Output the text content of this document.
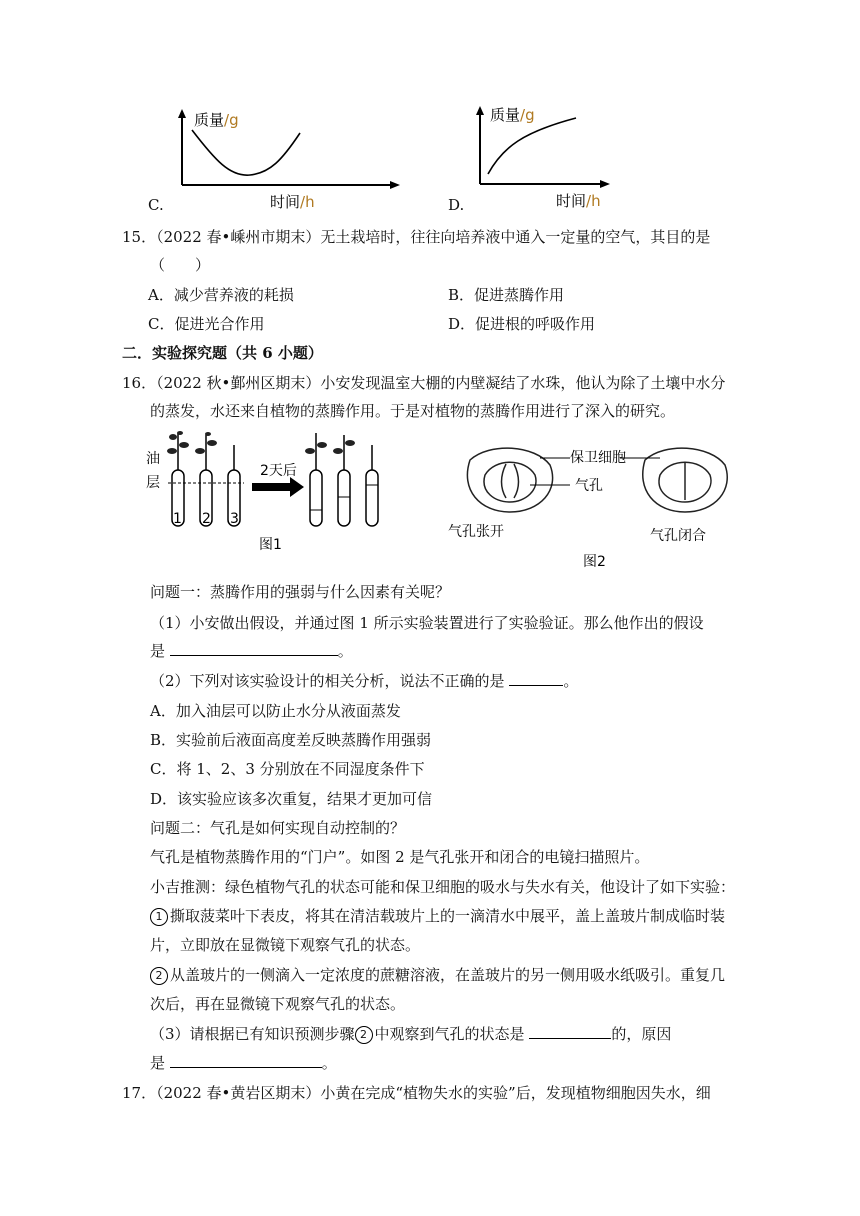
C.
质量/g
时间/h	D.
质量/g
时间/h
15．（2022 春•嵊州市期末）无土栽培时，往往向培养液中通入一定量的空气，其目的是
（　　）
A．减少营养液的耗损	B．促进蒸腾作用
C．促进光合作用	D．促进根的呼吸作用
二．实验探究题（共 6 小题）
16．（2022 秋•鄞州区期末）小安发现温室大棚的内壁凝结了水珠，他认为除了土壤中水分
的蒸发，水还来自植物的蒸腾作用。于是对植物的蒸腾作用进行了深入的研究。
油
层
1 2 3
2天后
图1
保卫细胞
气孔
气孔张开	气孔闭合
图2
问题一：蒸腾作用的强弱与什么因素有关呢？
（1）小安做出假设，并通过图 1 所示实验装置进行了实验验证。那么他作出的假设
是	。
（2）下列对该实验设计的相关分析，说法不正确的是	。
A．加入油层可以防止水分从液面蒸发
B．实验前后液面高度差反映蒸腾作用强弱
C．将 1、2、3 分别放在不同湿度条件下
D．该实验应该多次重复，结果才更加可信
问题二：气孔是如何实现自动控制的？
气孔是植物蒸腾作用的“门户”。如图 2 是气孔张开和闭合的电镜扫描照片。
小吉推测：绿色植物气孔的状态可能和保卫细胞的吸水与失水有关，他设计了如下实验：
1 撕取菠菜叶下表皮，将其在清洁载玻片上的一滴清水中展平，盖上盖玻片制成临时装
片，立即放在显微镜下观察气孔的状态。
2 从盖玻片的一侧滴入一定浓度的蔗糖溶液，在盖玻片的另一侧用吸水纸吸引。重复几
次后，再在显微镜下观察气孔的状态。
（3）请根据已有知识预测步骤 2 中观察到气孔的状态是	的，原因
是	。
17．（2022 春•黄岩区期末）小黄在完成“植物失水的实验”后，发现植物细胞因失水，细
